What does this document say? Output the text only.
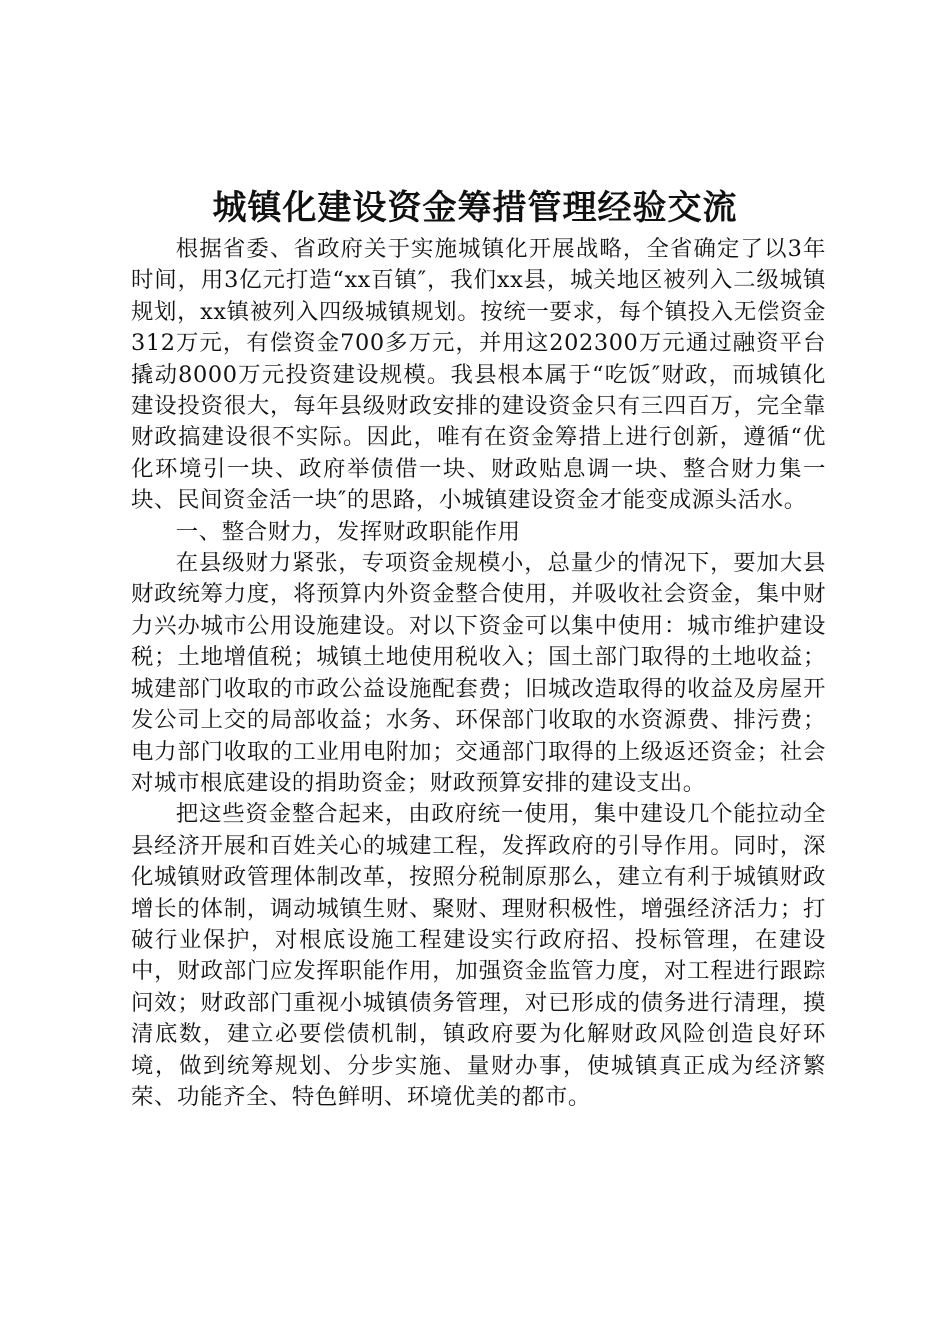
城镇化建设资金筹措管理经验交流

根据省委、省政府关于实施城镇化开展战略，全省确定了以3年时间，用3亿元打造“xx百镇″，我们xx县，城关地区被列入二级城镇规划，xx镇被列入四级城镇规划。按统一要求，每个镇投入无偿资金312万元，有偿资金700多万元，并用这202300万元通过融资平台撬动8000万元投资建设规模。我县根本属于“吃饭″财政，而城镇化建设投资很大，每年县级财政安排的建设资金只有三四百万，完全靠财政搞建设很不实际。因此，唯有在资金筹措上进行创新，遵循“优化环境引一块、政府举债借一块、财政贴息调一块、整合财力集一块、民间资金活一块″的思路，小城镇建设资金才能变成源头活水。

一、整合财力，发挥财政职能作用

在县级财力紧张，专项资金规模小，总量少的情况下，要加大县财政统筹力度，将预算内外资金整合使用，并吸收社会资金，集中财力兴办城市公用设施建设。对以下资金可以集中使用：城市维护建设税；土地增值税；城镇土地使用税收入；国土部门取得的土地收益；城建部门收取的市政公益设施配套费；旧城改造取得的收益及房屋开发公司上交的局部收益；水务、环保部门收取的水资源费、排污费；电力部门收取的工业用电附加；交通部门取得的上级返还资金；社会对城市根底建设的捐助资金；财政预算安排的建设支出。

把这些资金整合起来，由政府统一使用，集中建设几个能拉动全县经济开展和百姓关心的城建工程，发挥政府的引导作用。同时，深化城镇财政管理体制改革，按照分税制原那么，建立有利于城镇财政增长的体制，调动城镇生财、聚财、理财积极性，增强经济活力；打破行业保护，对根底设施工程建设实行政府招、投标管理，在建设中，财政部门应发挥职能作用，加强资金监管力度，对工程进行跟踪问效；财政部门重视小城镇债务管理，对已形成的债务进行清理，摸清底数，建立必要偿债机制，镇政府要为化解财政风险创造良好环境，做到统筹规划、分步实施、量财办事，使城镇真正成为经济繁荣、功能齐全、特色鲜明、环境优美的都市。
